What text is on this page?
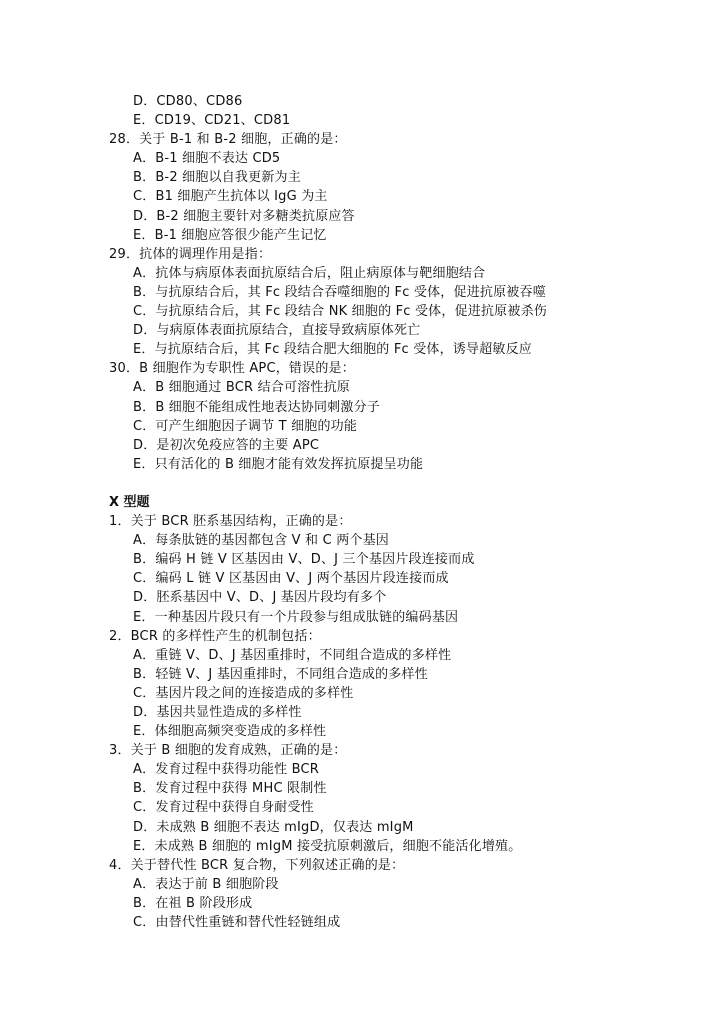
D．CD80、CD86
E．CD19、CD21、CD81
28．关于 B-1 和 B-2 细胞，正确的是：
A．B-1 细胞不表达 CD5
B．B-2 细胞以自我更新为主
C．B1 细胞产生抗体以 IgG 为主
D．B-2 细胞主要针对多糖类抗原应答
E．B-1 细胞应答很少能产生记忆
29．抗体的调理作用是指：
A．抗体与病原体表面抗原结合后，阻止病原体与靶细胞结合
B．与抗原结合后，其 Fc 段结合吞噬细胞的 Fc 受体，促进抗原被吞噬
C．与抗原结合后，其 Fc 段结合 NK 细胞的 Fc 受体，促进抗原被杀伤
D．与病原体表面抗原结合，直接导致病原体死亡
E．与抗原结合后，其 Fc 段结合肥大细胞的 Fc 受体，诱导超敏反应
30．B 细胞作为专职性 APC，错误的是：
A．B 细胞通过 BCR 结合可溶性抗原
B．B 细胞不能组成性地表达协同刺激分子
C．可产生细胞因子调节 T 细胞的功能
D．是初次免疫应答的主要 APC
E．只有活化的 B 细胞才能有效发挥抗原提呈功能
X 型题
1．关于 BCR 胚系基因结构，正确的是：
A．每条肽链的基因都包含 V 和 C 两个基因
B．编码 H 链 V 区基因由 V、D、J 三个基因片段连接而成
C．编码 L 链 V 区基因由 V、J 两个基因片段连接而成
D．胚系基因中 V、D、J 基因片段均有多个
E．一种基因片段只有一个片段参与组成肽链的编码基因
2．BCR 的多样性产生的机制包括：
A．重链 V、D、J 基因重排时，不同组合造成的多样性
B．轻链 V、J 基因重排时，不同组合造成的多样性
C．基因片段之间的连接造成的多样性
D．基因共显性造成的多样性
E．体细胞高频突变造成的多样性
3．关于 B 细胞的发育成熟，正确的是：
A．发育过程中获得功能性 BCR
B．发育过程中获得 MHC 限制性
C．发育过程中获得自身耐受性
D．未成熟 B 细胞不表达 mIgD，仅表达 mIgM
E．未成熟 B 细胞的 mIgM 接受抗原刺激后，细胞不能活化增殖。
4．关于替代性 BCR 复合物，下列叙述正确的是：
A．表达于前 B 细胞阶段
B．在祖 B 阶段形成
C．由替代性重链和替代性轻链组成
